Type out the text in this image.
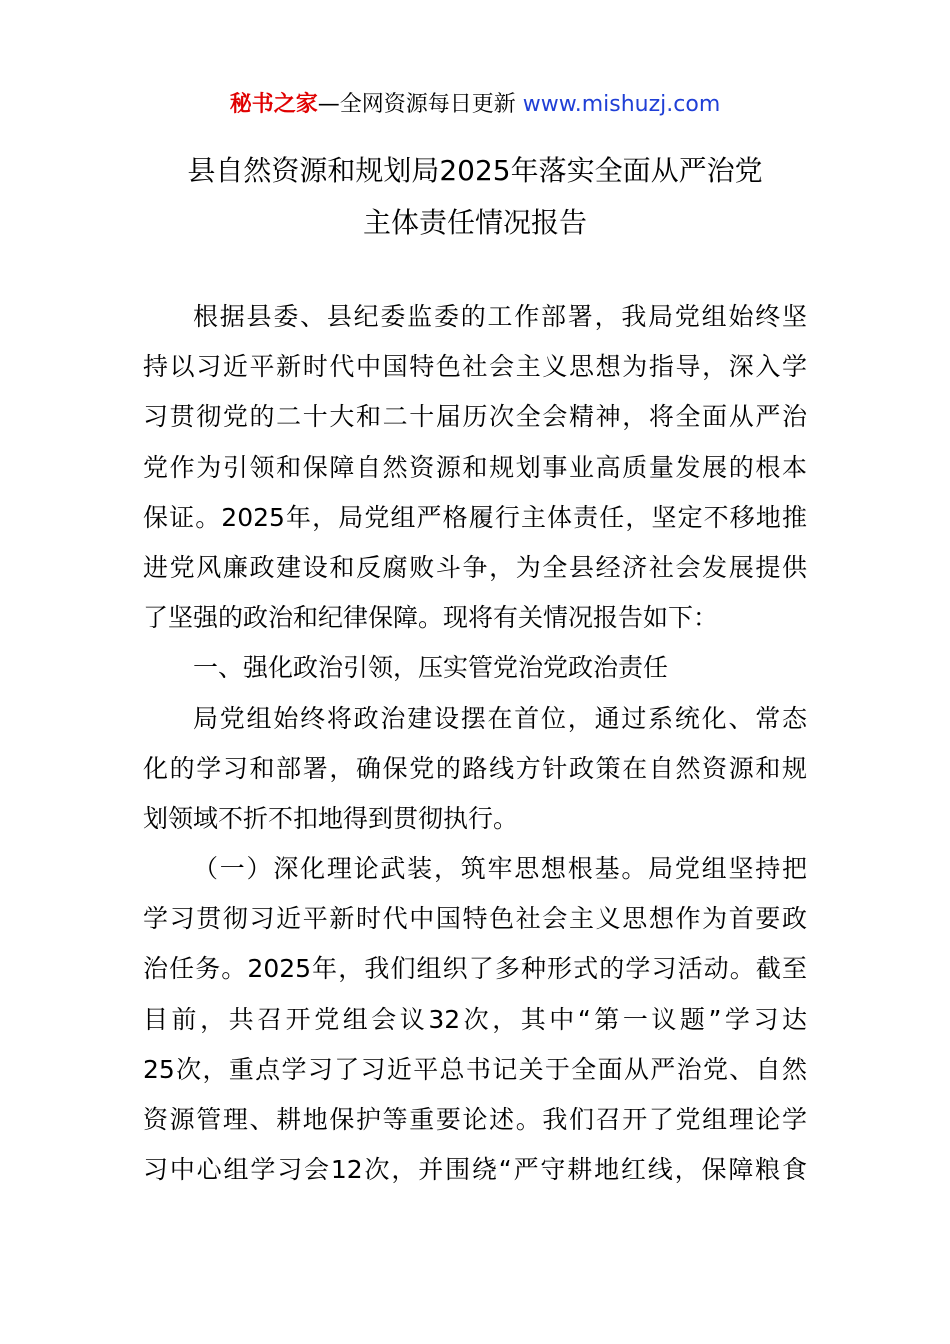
秘书之家—全网资源每日更新 www.mishuzj.com
县自然资源和规划局2025年落实全面从严治党
主体责任情况报告
根据县委、县纪委监委的工作部署，我局党组始终坚
持以习近平新时代中国特色社会主义思想为指导，深入学
习贯彻党的二十大和二十届历次全会精神，将全面从严治
党作为引领和保障自然资源和规划事业高质量发展的根本
保证。2025年，局党组严格履行主体责任，坚定不移地推
进党风廉政建设和反腐败斗争，为全县经济社会发展提供
了坚强的政治和纪律保障。现将有关情况报告如下：
一、强化政治引领，压实管党治党政治责任
局党组始终将政治建设摆在首位，通过系统化、常态
化的学习和部署，确保党的路线方针政策在自然资源和规
划领域不折不扣地得到贯彻执行。
（一）深化理论武装，筑牢思想根基。局党组坚持把
学习贯彻习近平新时代中国特色社会主义思想作为首要政
治任务。2025年，我们组织了多种形式的学习活动。截至
目前，共召开党组会议32次，其中“第一议题”学习达
25次，重点学习了习近平总书记关于全面从严治党、自然
资源管理、耕地保护等重要论述。我们召开了党组理论学
习中心组学习会12次，并围绕“严守耕地红线，保障粮食
